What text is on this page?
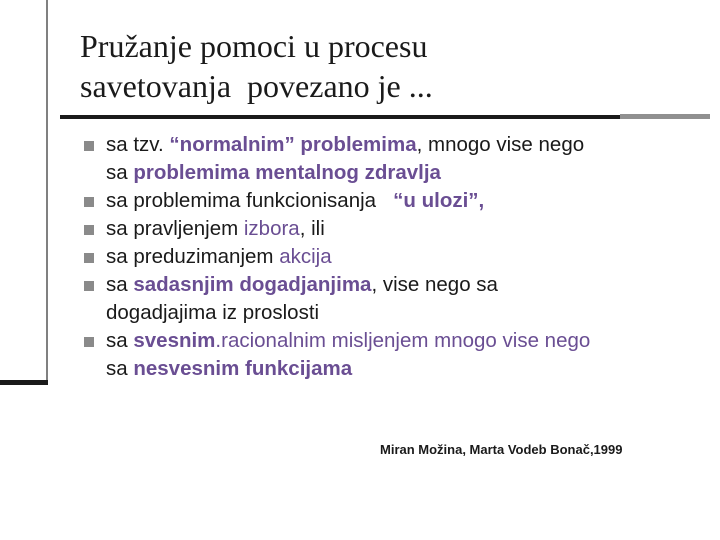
Pružanje pomoci u procesu
savetovanja  povezano je ...
sa tzv. “normalnim” problemima, mnogo vise nego
sa problemima mentalnog zdravlja
sa problemima funkcionisanja   “u ulozi”,
sa pravljenjem izbora, ili
sa preduzimanjem akcija
sa sadasnjim dogadjanjima, vise nego sa
dogadjajima iz proslosti
sa svesnim.racionalnim misljenjem mnogo vise nego
sa nesvesnim funkcijama
Miran Možina, Marta Vodeb Bonač,1999
